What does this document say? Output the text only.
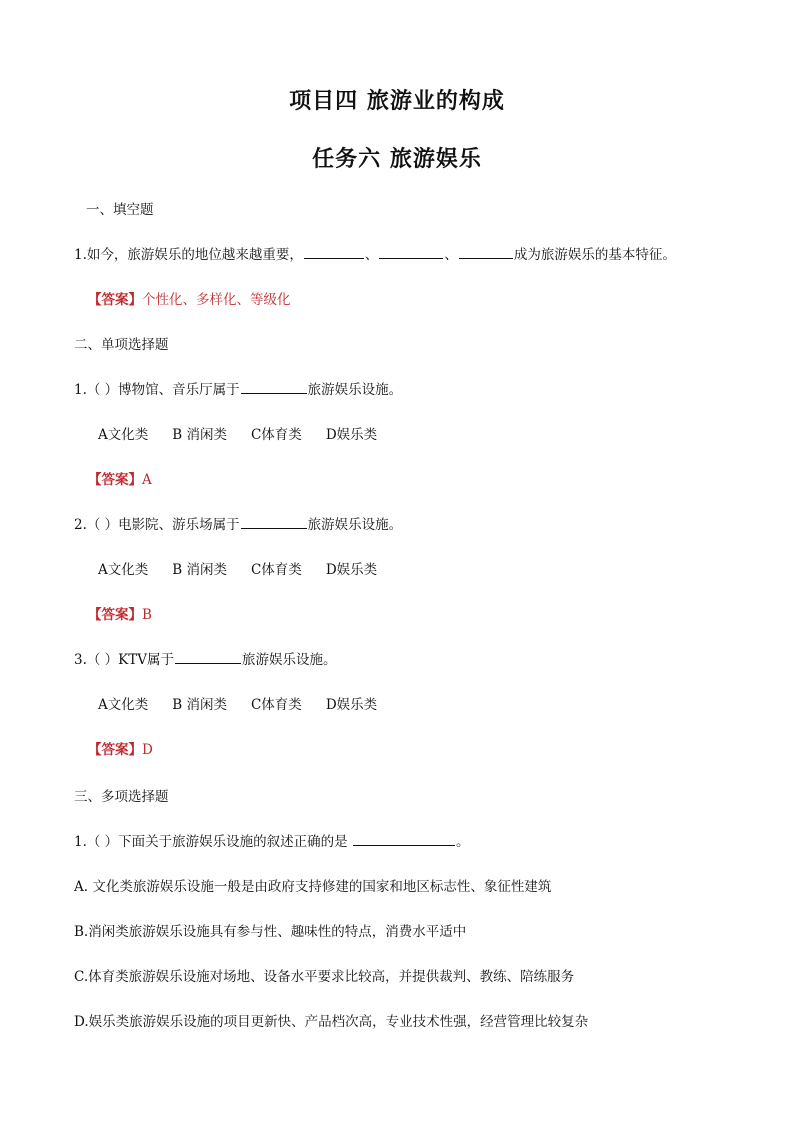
项目四 旅游业的构成
任务六 旅游娱乐
一、填空题
1.如今，旅游娱乐的地位越来越重要，	、	、	成为旅游娱乐的基本特征。
【答案】个性化、多样化、等级化
二、单项选择题
1.（ ）博物馆、音乐厅属于	旅游娱乐设施。
A文化类 B 消闲类 C体育类 D娱乐类
【答案】A
2.（ ）电影院、游乐场属于	旅游娱乐设施。
A文化类 B 消闲类 C体育类 D娱乐类
【答案】B
3.（ ）KTV属于	旅游娱乐设施。
A文化类 B 消闲类 C体育类 D娱乐类
【答案】D
三、多项选择题
1.（ ）下面关于旅游娱乐设施的叙述正确的是	。
A. 文化类旅游娱乐设施一般是由政府支持修建的国家和地区标志性、象征性建筑
B.消闲类旅游娱乐设施具有参与性、趣味性的特点，消费水平适中
C.体育类旅游娱乐设施对场地、设备水平要求比较高，并提供裁判、教练、陪练服务
D.娱乐类旅游娱乐设施的项目更新快、产品档次高，专业技术性强，经营管理比较复杂
